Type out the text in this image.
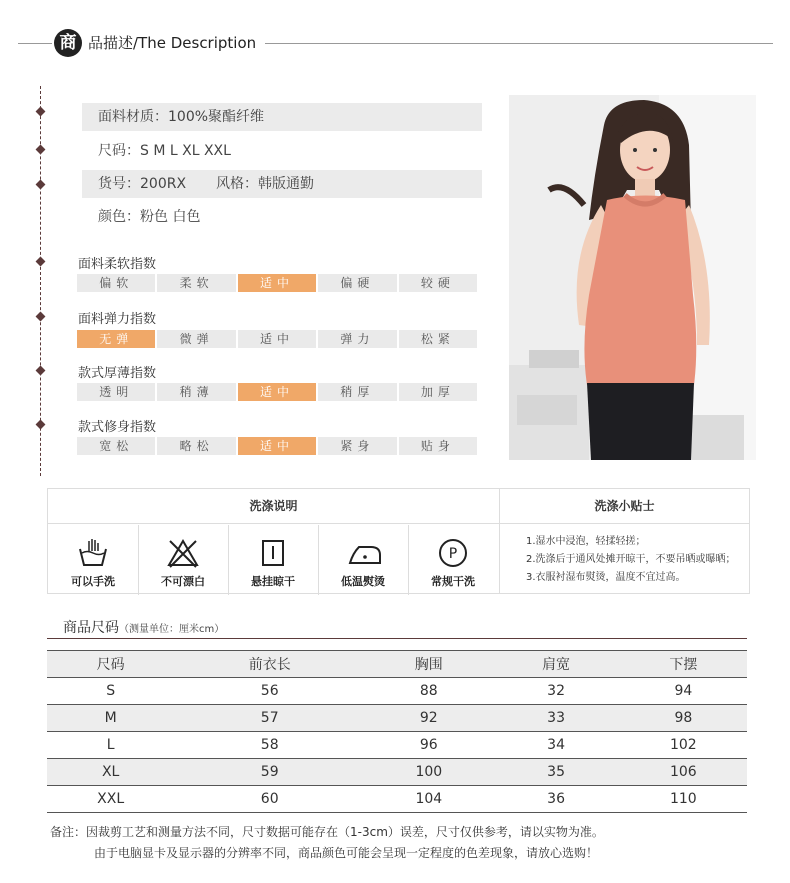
商 品描述/The Description
面料材质：100%聚酯纤维
尺码：S M L XL XXL
货号：200RX 风格：韩版通勤
颜色：粉色 白色
面料柔软指数
偏软	柔软	适中	偏硬	较硬
面料弹力指数
无弹	微弹	适中	弹力	松紧
款式厚薄指数
透明	稍薄	适中	稍厚	加厚
款式修身指数
宽松	略松	适中	紧身	贴身
洗涤说明	洗涤小贴士
可以手洗	不可漂白	悬挂晾干	低温熨烫
P
常规干洗
1.湿水中浸泡，轻揉轻搓；
2.洗涤后于通风处摊开晾干，不要吊晒或曝晒；
3.衣服衬湿布熨烫，温度不宜过高。
商品尺码（测量单位：厘米cm）
尺码	前衣长	胸围	肩宽	下摆
S	56	88	32	94
M	57	92	33	98
L	58	96	34	102
XL	59	100	35	106
XXL	60	104	36	110
备注：因裁剪工艺和测量方法不同，尺寸数据可能存在（1-3cm）误差，尺寸仅供参考，请以实物为准。
由于电脑显卡及显示器的分辨率不同，商品颜色可能会呈现一定程度的色差现象，请放心选购！
